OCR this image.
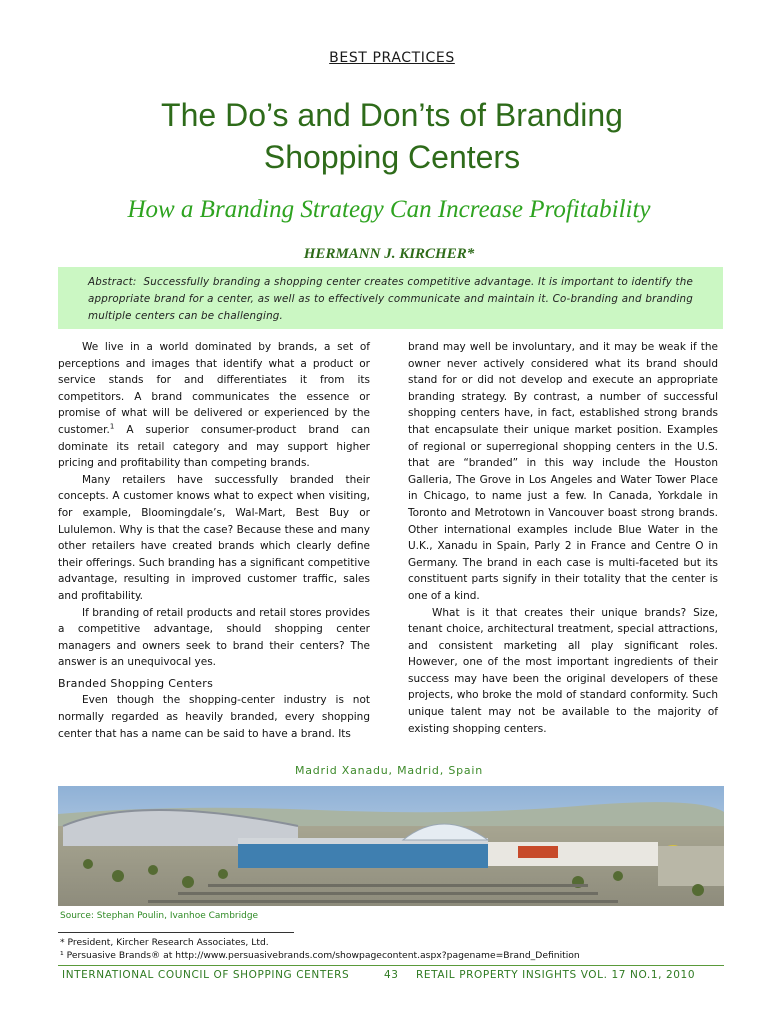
BEST PRACTICES
The Do’s and Don’ts of Branding
Shopping Centers
How a Branding Strategy Can Increase Profitability
HERMANN J. KIRCHER*
Abstract: Successfully branding a shopping center creates competitive advantage. It is important to identify the appropriate brand for a center, as well as to effectively communicate and maintain it. Co-branding and branding multiple centers can be challenging.

We live in a world dominated by brands, a set of perceptions and images that identify what a product or service stands for and differentiates it from its competitors. A brand communicates the essence or promise of what will be delivered or experienced by the customer.$^1$ A superior consumer-product brand can dominate its retail category and may support higher pricing and profitability than competing brands.

Many retailers have successfully branded their concepts. A customer knows what to expect when visiting, for example, Bloomingdale’s, Wal-Mart, Best Buy or Lululemon. Why is that the case? Because these and many other retailers have created brands which clearly define their offerings. Such branding has a significant competitive advantage, resulting in improved customer traffic, sales and profitability.

If branding of retail products and retail stores provides a competitive advantage, should shopping center managers and owners seek to brand their centers? The answer is an unequivocal yes.

Branded Shopping Centers

Even though the shopping-center industry is not normally regarded as heavily branded, every shopping center that has a name can be said to have a brand. Its

brand may well be involuntary, and it may be weak if the owner never actively considered what its brand should stand for or did not develop and execute an appropriate branding strategy. By contrast, a number of successful shopping centers have, in fact, established strong brands that encapsulate their unique market position. Examples of regional or superregional shopping centers in the U.S. that are “branded” in this way include the Houston Galleria, The Grove in Los Angeles and Water Tower Place in Chicago, to name just a few. In Canada, Yorkdale in Toronto and Metrotown in Vancouver boast strong brands. Other international examples include Blue Water in the U.K., Xanadu in Spain, Parly 2 in France and Centre O in Germany. The brand in each case is multi-faceted but its constituent parts signify in their totality that the center is one of a kind.

What is it that creates their unique brands? Size, tenant choice, architectural treatment, special attractions, and consistent marketing all play significant roles. However, one of the most important ingredients of their success may have been the original developers of these projects, who broke the mold of standard conformity. Such unique talent may not be available to the majority of existing shopping centers.

Madrid Xanadu, Madrid, Spain
Source: Stephan Poulin, Ivanhoe Cambridge
* President, Kircher Research Associates, Ltd.
¹ Persuasive Brands® at http://www.persuasivebrands.com/showpagecontent.aspx?pagename=Brand_Definition
INTERNATIONAL COUNCIL OF SHOPPING CENTERS	43 RETAIL PROPERTY INSIGHTS VOL. 17 NO.1, 2010
